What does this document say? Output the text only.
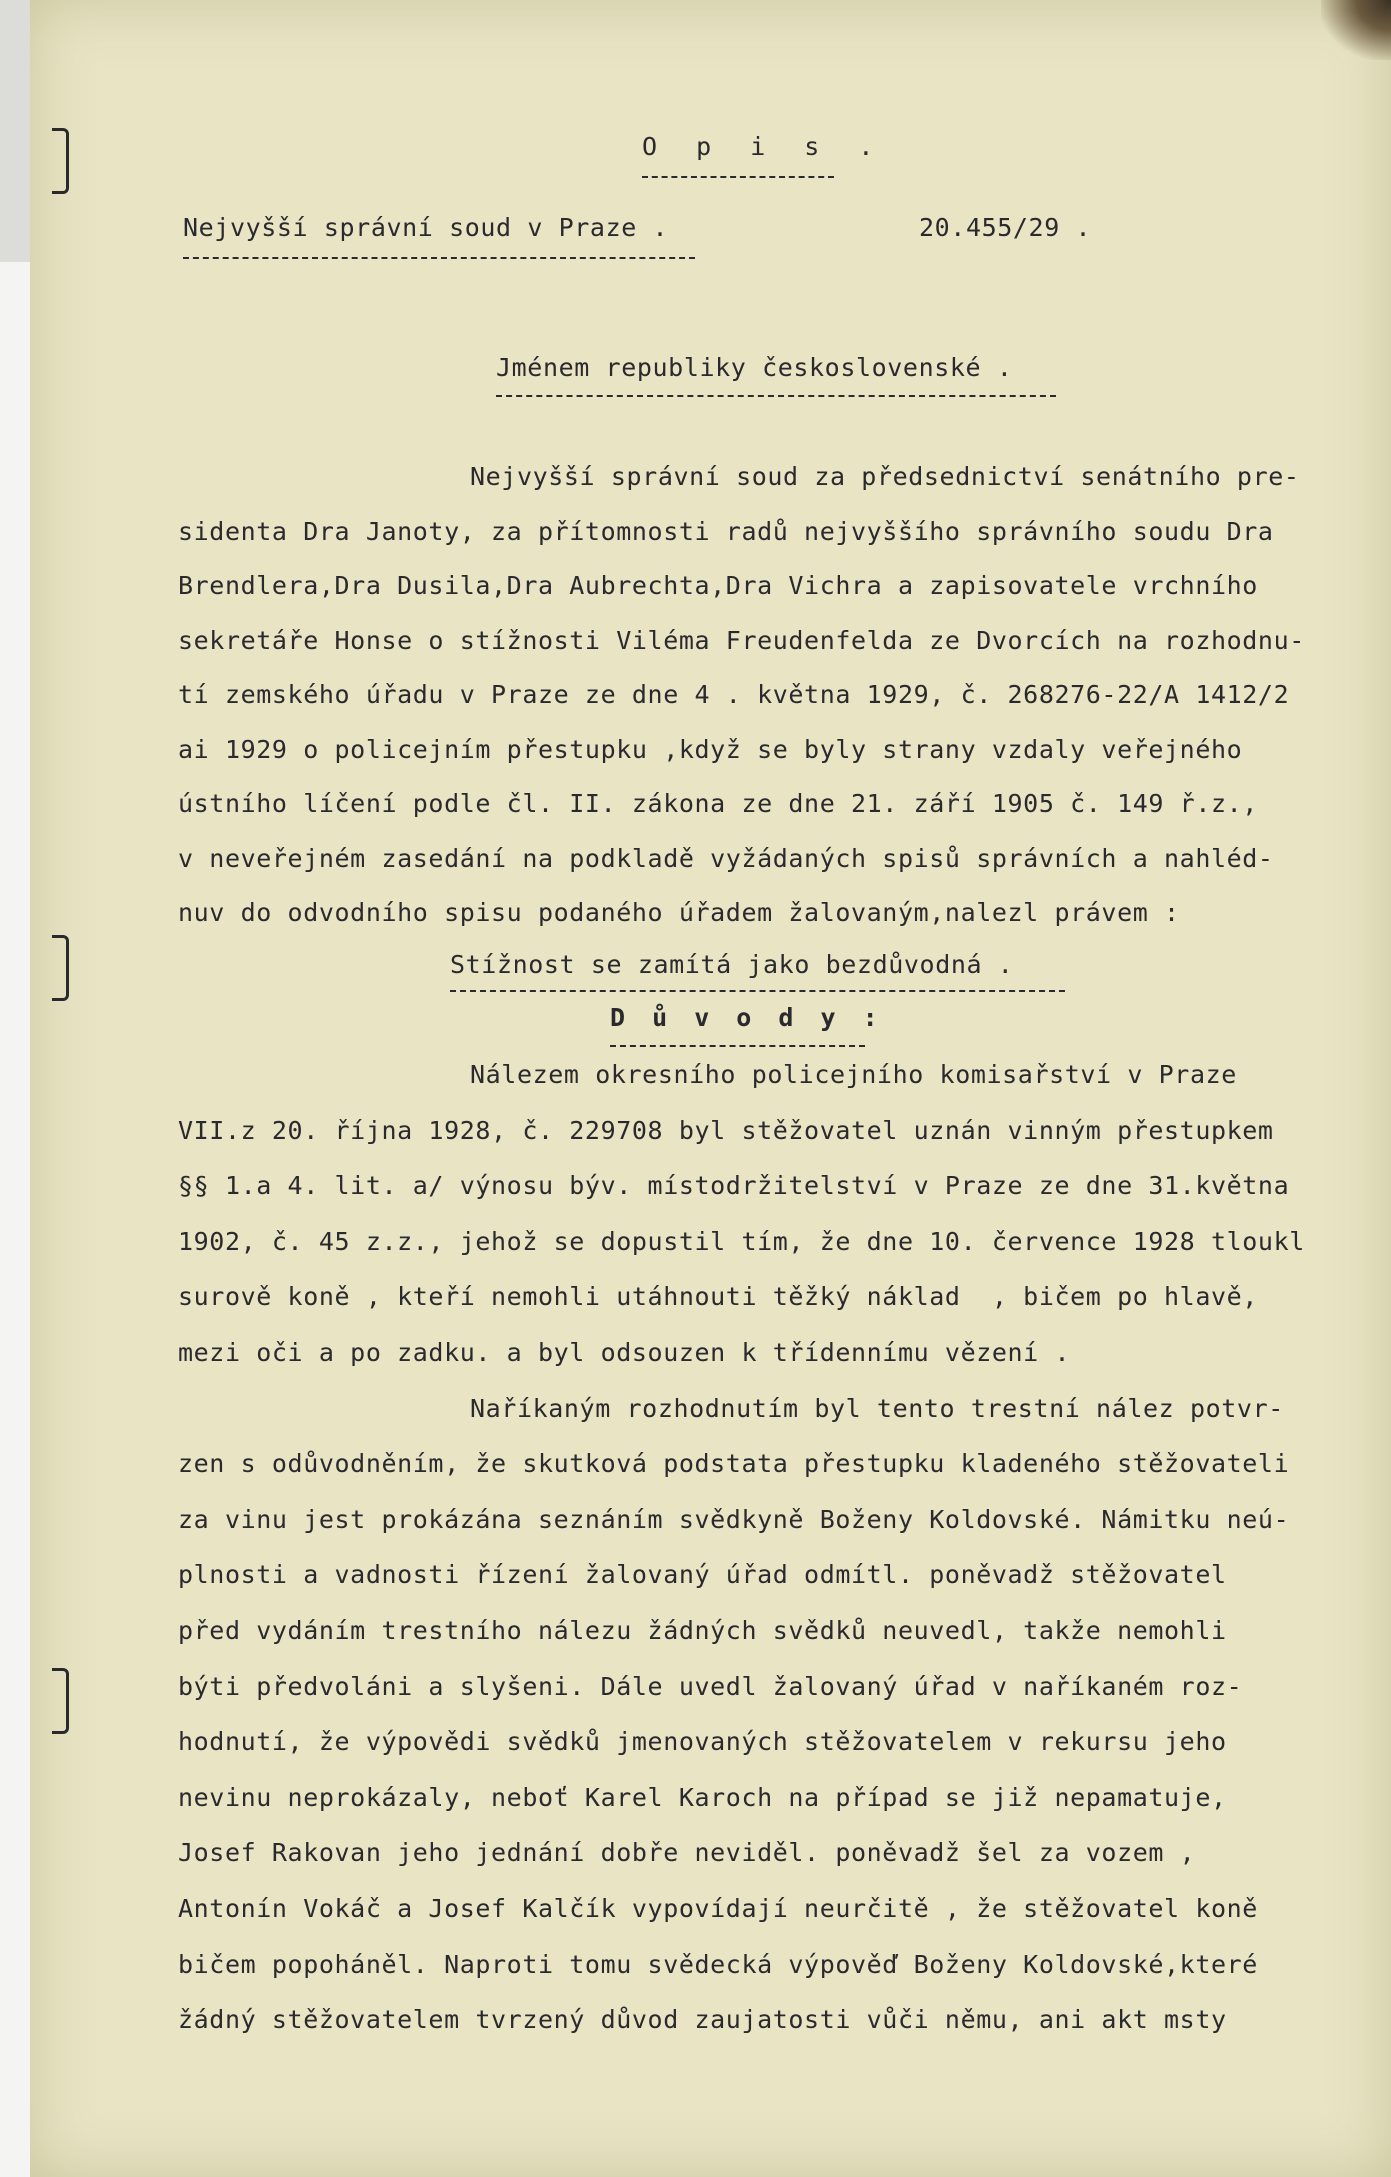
O p i s .
Nejvyšší správní soud v Praze .	20.455/29 .
Jménem republiky československé .
Nejvyšší správní soud za předsednictví senátního pre-
sidenta Dra Janoty, za přítomnosti radů nejvyššího správního soudu Dra
Brendlera,Dra Dusila,Dra Aubrechta,Dra Vichra a zapisovatele vrchního
sekretáře Honse o stížnosti Viléma Freudenfelda ze Dvorcích na rozhodnu-
tí zemského úřadu v Praze ze dne 4 . května 1929, č. 268276-22/A 1412/2
ai 1929 o policejním přestupku ,když se byly strany vzdaly veřejného
ústního líčení podle čl. II. zákona ze dne 21. září 1905 č. 149 ř.z.,
v neveřejném zasedání na podkladě vyžádaných spisů správních a nahléd-
nuv do odvodního spisu podaného úřadem žalovaným,nalezl právem :
Stížnost se zamítá jako bezdůvodná .
D ů v o d y :
Nálezem okresního policejního komisařství v Praze
VII.z 20. října 1928, č. 229708 byl stěžovatel uznán vinným přestupkem
§§ 1.a 4. lit. a/ výnosu býv. místodržitelství v Praze ze dne 31.května
1902, č. 45 z.z., jehož se dopustil tím, že dne 10. července 1928 tloukl
surově koně , kteří nemohli utáhnouti těžký náklad  , bičem po hlavě,
mezi oči a po zadku. a byl odsouzen k třídennímu vězení .
Naříkaným rozhodnutím byl tento trestní nález potvr-
zen s odůvodněním, že skutková podstata přestupku kladeného stěžovateli
za vinu jest prokázána seznáním svědkyně Boženy Koldovské. Námitku neú-
plnosti a vadnosti řízení žalovaný úřad odmítl. poněvadž stěžovatel
před vydáním trestního nálezu žádných svědků neuvedl, takže nemohli
býti předvoláni a slyšeni. Dále uvedl žalovaný úřad v naříkaném roz-
hodnutí, že výpovědi svědků jmenovaných stěžovatelem v rekursu jeho
nevinu neprokázaly, neboť Karel Karoch na případ se již nepamatuje,
Josef Rakovan jeho jednání dobře neviděl. poněvadž šel za vozem ,
Antonín Vokáč a Josef Kalčík vypovídají neurčitě , že stěžovatel koně
bičem popoháněl. Naproti tomu svědecká výpověď Boženy Koldovské,které
žádný stěžovatelem tvrzený důvod zaujatosti vůči němu, ani akt msty
